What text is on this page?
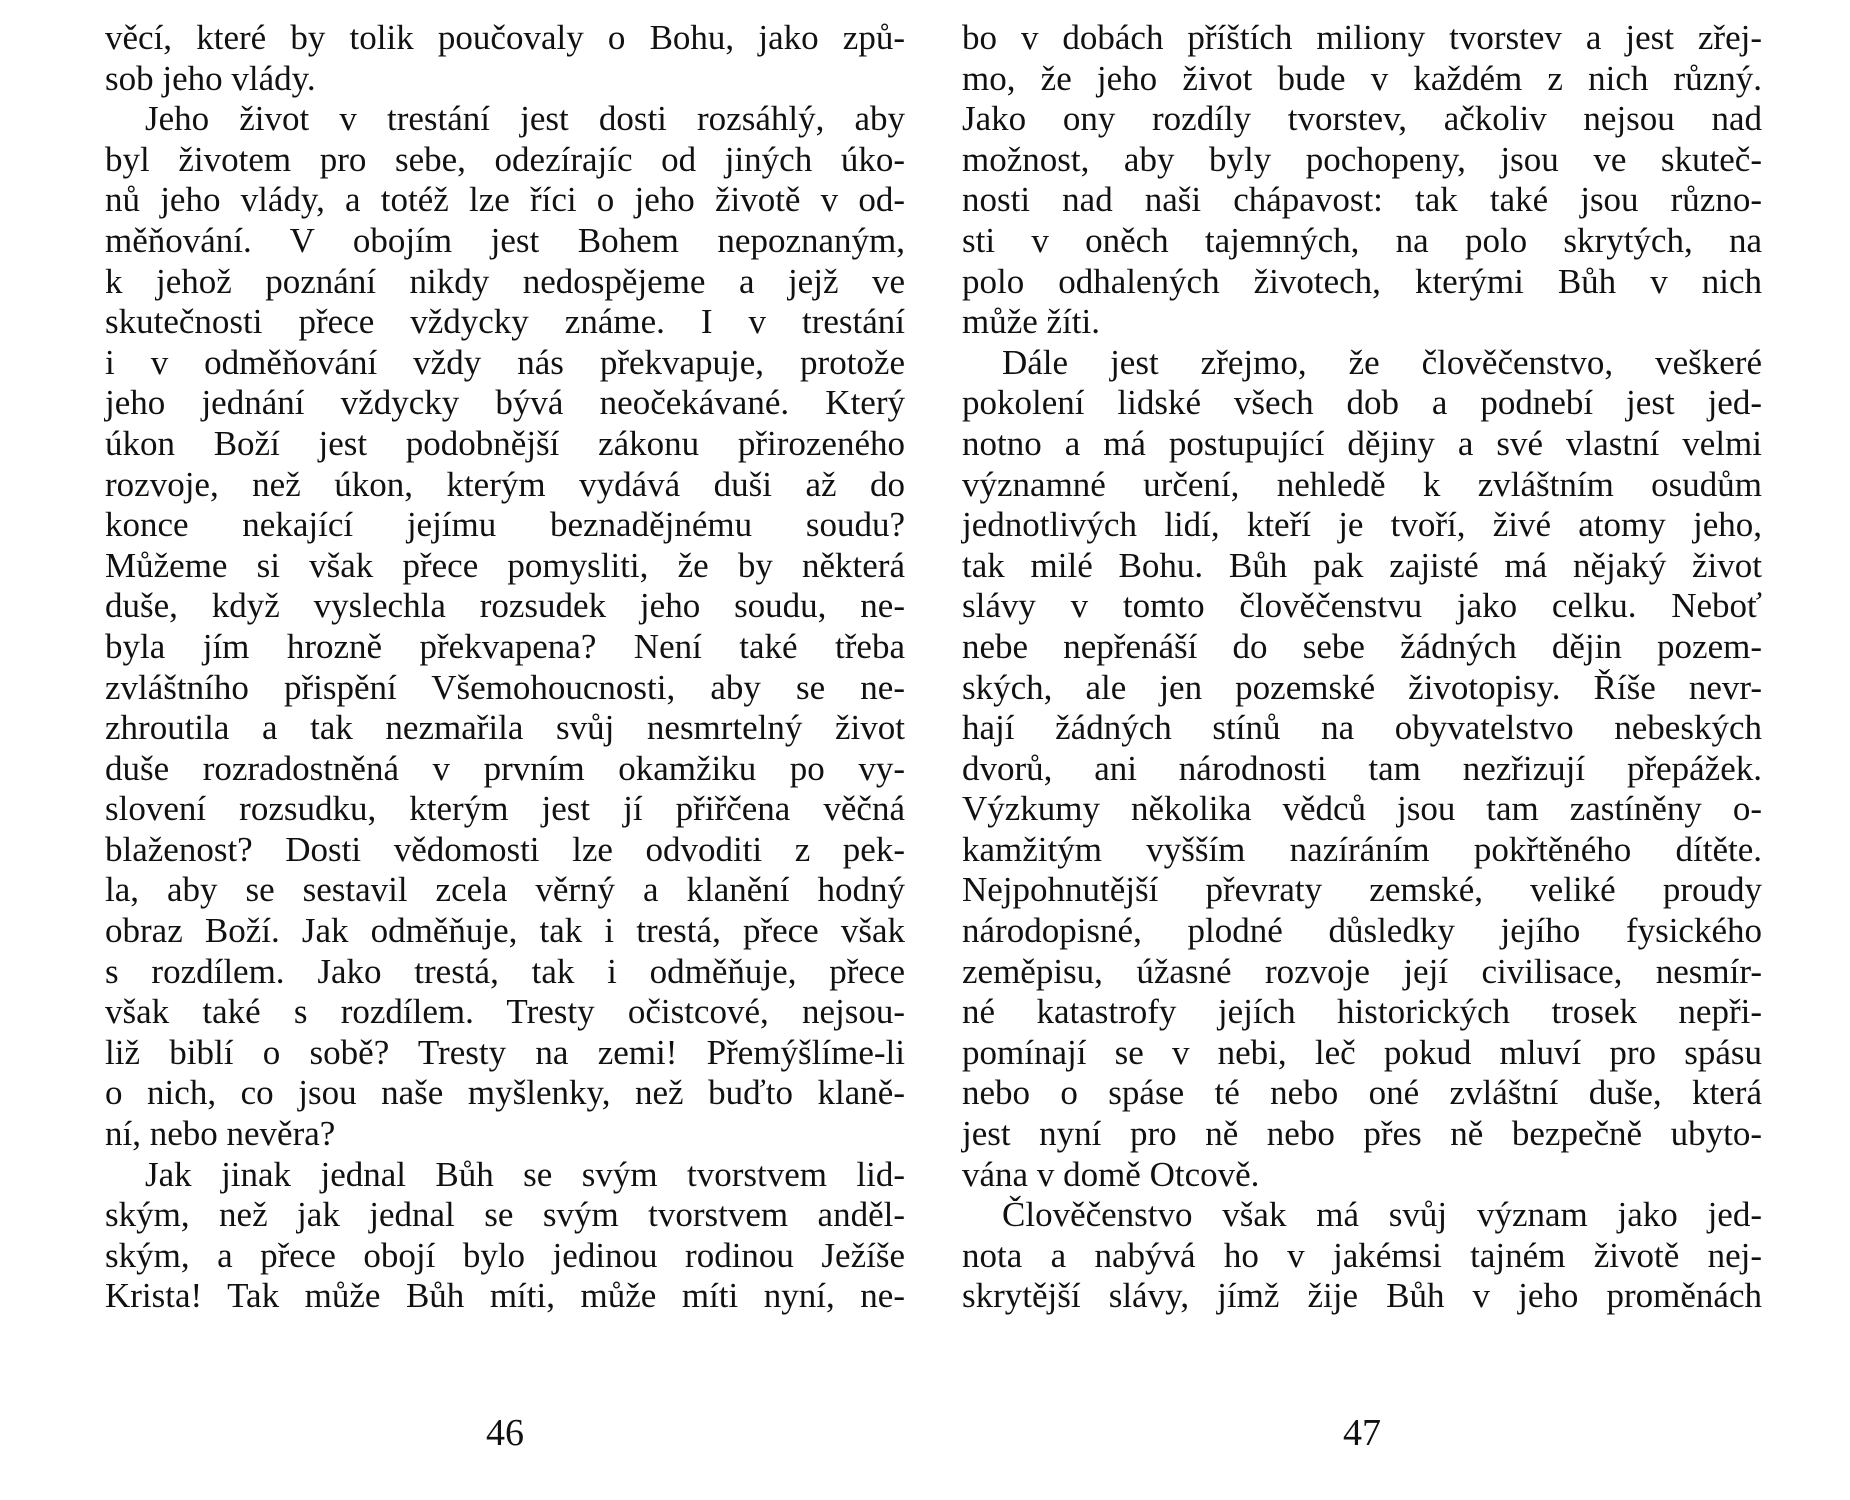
věcí, které by tolik poučovaly o Bohu, jako způ-
sob jeho vlády.
Jeho život v trestání jest dosti rozsáhlý, aby
byl životem pro sebe, odezírajíc od jiných úko-
nů jeho vlády, a totéž lze říci o jeho životě v od-
měňování. V obojím jest Bohem nepoznaným,
k jehož poznání nikdy nedospějeme a jejž ve
skutečnosti přece vždycky známe. I v trestání
i v odměňování vždy nás překvapuje, protože
jeho jednání vždycky bývá neočekávané. Který
úkon Boží jest podobnější zákonu přirozeného
rozvoje, než úkon, kterým vydává duši až do
konce nekající jejímu beznadějnému soudu?
Můžeme si však přece pomysliti, že by některá
duše, když vyslechla rozsudek jeho soudu, ne-
byla jím hrozně překvapena? Není také třeba
zvláštního přispění Všemohoucnosti, aby se ne-
zhroutila a tak nezmařila svůj nesmrtelný život
duše rozradostněná v prvním okamžiku po vy-
slovení rozsudku, kterým jest jí přiřčena věčná
blaženost? Dosti vědomosti lze odvoditi z pek-
la, aby se sestavil zcela věrný a klanění hodný
obraz Boží. Jak odměňuje, tak i trestá, přece však
s rozdílem. Jako trestá, tak i odměňuje, přece
však také s rozdílem. Tresty očistcové, nejsou-
liž biblí o sobě? Tresty na zemi! Přemýšlíme-li
o nich, co jsou naše myšlenky, než buďto klaně-
ní, nebo nevěra?
Jak jinak jednal Bůh se svým tvorstvem lid-
ským, než jak jednal se svým tvorstvem anděl-
ským, a přece obojí bylo jedinou rodinou Ježíše
Krista! Tak může Bůh míti, může míti nyní, ne-
46
bo v dobách příštích miliony tvorstev a jest zřej-
mo, že jeho život bude v každém z nich různý.
Jako ony rozdíly tvorstev, ačkoliv nejsou nad
možnost, aby byly pochopeny, jsou ve skuteč-
nosti nad naši chápavost: tak také jsou různo-
sti v oněch tajemných, na polo skrytých, na
polo odhalených životech, kterými Bůh v nich
může žíti.
Dále jest zřejmo, že člověčenstvo, veškeré
pokolení lidské všech dob a podnebí jest jed-
notno a má postupující dějiny a své vlastní velmi
významné určení, nehledě k zvláštním osudům
jednotlivých lidí, kteří je tvoří, živé atomy jeho,
tak milé Bohu. Bůh pak zajisté má nějaký život
slávy v tomto člověčenstvu jako celku. Neboť
nebe nepřenáší do sebe žádných dějin pozem-
ských, ale jen pozemské životopisy. Říše nevr-
hají žádných stínů na obyvatelstvo nebeských
dvorů, ani národnosti tam nezřizují přepážek.
Výzkumy několika vědců jsou tam zastíněny o-
kamžitým vyšším nazíráním pokřtěného dítěte.
Nejpohnutější převraty zemské, veliké proudy
národopisné, plodné důsledky jejího fysického
zeměpisu, úžasné rozvoje její civilisace, nesmír-
né katastrofy jejích historických trosek nepři-
pomínají se v nebi, leč pokud mluví pro spásu
nebo o spáse té nebo oné zvláštní duše, která
jest nyní pro ně nebo přes ně bezpečně ubyto-
vána v domě Otcově.
Člověčenstvo však má svůj význam jako jed-
nota a nabývá ho v jakémsi tajném životě nej-
skrytější slávy, jímž žije Bůh v jeho proměnách
47
